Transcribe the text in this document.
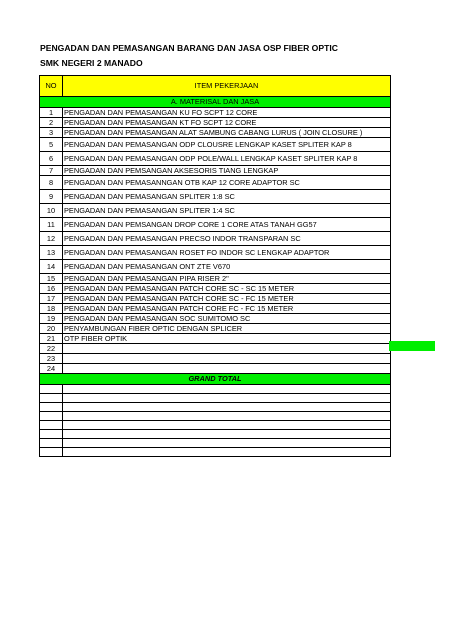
PENGADAN DAN PEMASANGAN BARANG DAN JASA OSP FIBER OPTIC
SMK NEGERI 2 MANADO
NO	ITEM PEKERJAAN
A. MATERISAL DAN JASA	
1	PENGADAN DAN PEMASANGAN KU FO SCPT 12 CORE
2	PENGADAN DAN PEMASANGAN KT FO SCPT 12 CORE
3	PENGADAN DAN PEMASANGAN ALAT SAMBUNG CABANG LURUS ( JOIN CLOSURE )
5	PENGADAN DAN PEMASANGAN ODP CLOUSRE LENGKAP KASET SPLITER KAP 8
6	PENGADAN DAN PEMASANGAN ODP POLE/WALL LENGKAP KASET SPLITER KAP 8
7	PENGADAN DAN PEMSANGAN AKSESORIS TIANG LENGKAP
8	PENGADAN DAN PEMASANNGAN OTB KAP 12 CORE ADAPTOR SC
9	PENGADAN DAN PEMASANGAN SPLITER 1:8 SC
10	PENGADAN DAN PEMASANGAN SPLITER 1:4 SC
11	PENGADAN DAN PEMSANGAN DROP CORE 1 CORE ATAS TANAH GG57
12	PENGADAN DAN PEMASANGAN PRECSO INDOR TRANSPARAN SC
13	PENGADAN DAN PEMASANGAN ROSET FO INDOR SC LENGKAP ADAPTOR
14	PENGADAN DAN PEMASANGAN ONT ZTE V670
15	PENGADAN DAN PEMASANGAN PIPA RISER 2"
16	PENGADAN DAN PEMASANGAN PATCH CORE SC - SC 15 METER
17	PENGADAN DAN PEMASANGAN PATCH CORE SC - FC 15 METER
18	PENGADAN DAN PEMASANGAN PATCH CORE FC - FC 15 METER
19	PENGADAN DAN PEMASANGAN SOC SUMITOMO SC
20	PENYAMBUNGAN FIBER OPTIC DENGAN SPLICER
21	OTP FIBER OPTIK
22	
23	
24	
GRAND TOTAL	
